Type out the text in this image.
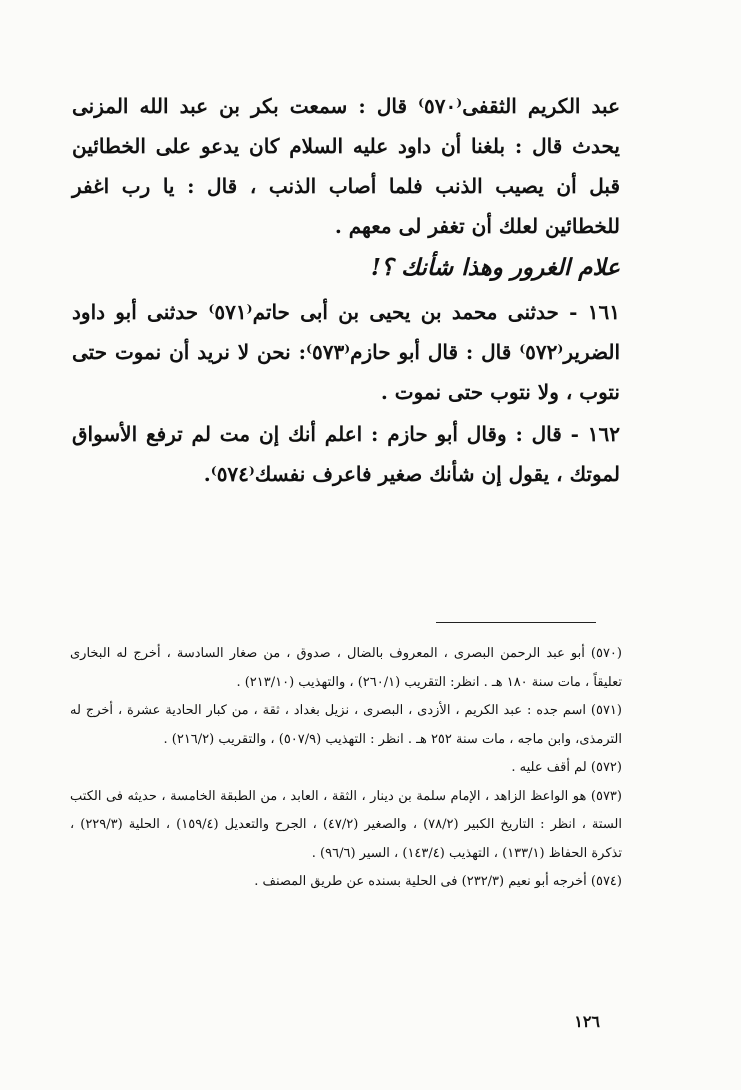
عبد الكريم الثقفى⁽٥٧٠⁾ قال : سمعت بكر بن عبد الله المزنى يحدث قال : بلغنا أن داود عليه السلام كان يدعو على الخطائين قبل أن يصيب الذنب فلما أصاب الذنب ، قال : يا رب اغفر للخطائين لعلك أن تغفر لى معهم .

علام الغرور وهذا شأنك ؟!

١٦١ - حدثنى محمد بن يحيى بن أبى حاتم⁽٥٧١⁾ حدثنى أبو داود الضرير⁽٥٧٢⁾ قال : قال أبو حازم⁽٥٧٣⁾: نحن لا نريد أن نموت حتى نتوب ، ولا نتوب حتى نموت .

١٦٢ - قال : وقال أبو حازم : اعلم أنك إن مت لم ترفع الأسواق لموتك ، يقول إن شأنك صغير فاعرف نفسك⁽٥٧٤⁾.

(٥٧٠) أبو عبد الرحمن البصرى ، المعروف بالضال ، صدوق ، من صغار السادسة ، أخرج له البخارى تعليقاً ، مات سنة ١٨٠ هـ . انظر: التقريب (٢٦٠/١) ، والتهذيب (٢١٣/١٠) .

(٥٧١) اسم جده : عبد الكريم ، الأزدى ، البصرى ، نزيل بغداد ، ثقة ، من كبار الحادية عشرة ، أخرج له الترمذى، وابن ماجه ، مات سنة ٢٥٢ هـ . انظر : التهذيب (٥٠٧/٩) ، والتقريب (٢١٦/٢) .

(٥٧٢) لم أقف عليه .

(٥٧٣) هو الواعظ الزاهد ، الإمام سلمة بن دينار ، الثقة ، العابد ، من الطبقة الخامسة ، حديثه فى الكتب الستة ، انظر : التاريخ الكبير (٧٨/٢) ، والصغير (٤٧/٢) ، الجرح والتعديل (١٥٩/٤) ، الحلية (٢٢٩/٣) ، تذكرة الحفاظ (١٣٣/١) ، التهذيب (١٤٣/٤) ، السير (٩٦/٦) .

(٥٧٤) أخرجه أبو نعيم (٢٣٢/٣) فى الحلية بسنده عن طريق المصنف .

١٢٦
